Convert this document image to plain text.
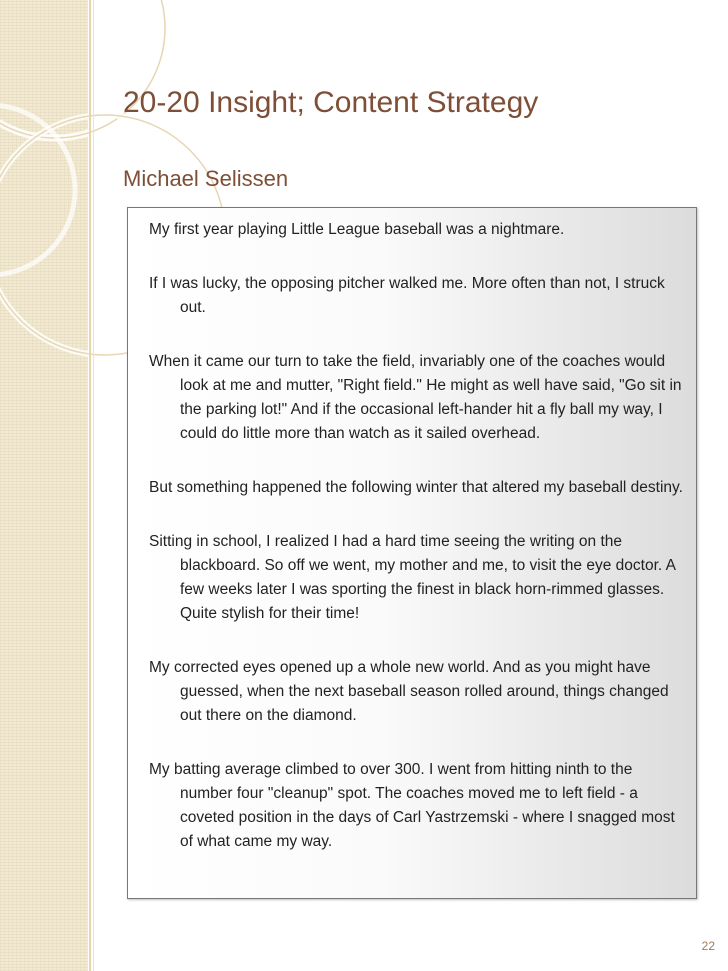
20-20 Insight; Content Strategy
Michael Selissen

My first year playing Little League baseball was a nightmare.

If I was lucky, the opposing pitcher walked me. More often than not, I struck out.

When it came our turn to take the field, invariably one of the coaches would look at me and mutter, "Right field." He might as well have said, "Go sit in the parking lot!" And if the occasional left-hander hit a fly ball my way, I could do little more than watch as it sailed overhead.

But something happened the following winter that altered my baseball destiny.

Sitting in school, I realized I had a hard time seeing the writing on the blackboard. So off we went, my mother and me, to visit the eye doctor. A few weeks later I was sporting the finest in black horn-rimmed glasses. Quite stylish for their time!

My corrected eyes opened up a whole new world. And as you might have guessed, when the next baseball season rolled around, things changed out there on the diamond.

My batting average climbed to over 300. I went from hitting ninth to the number four "cleanup" spot. The coaches moved me to left field - a coveted position in the days of Carl Yastrzemski - where I snagged most of what came my way.

22
